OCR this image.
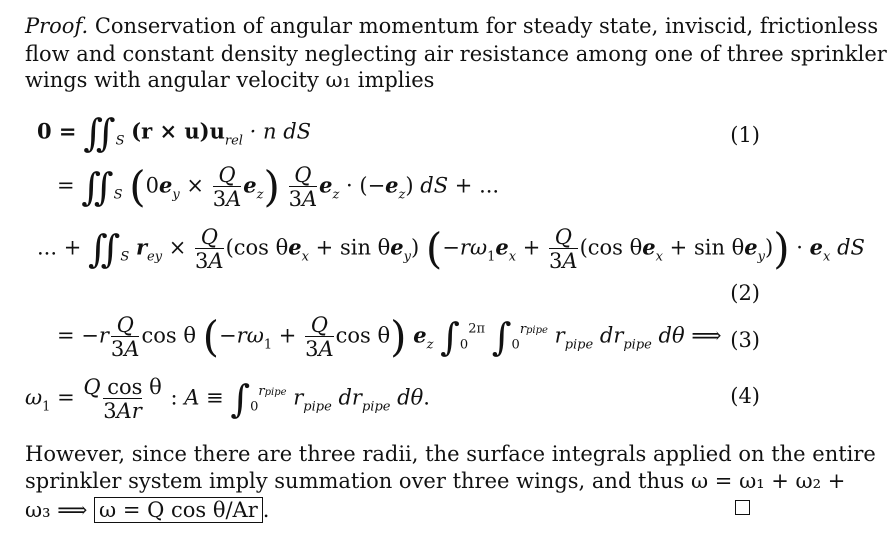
Proof. Conservation of angular momentum for steady state, inviscid, frictionless
flow and constant density neglecting air resistance among one of three sprinkler
wings with angular velocity ω₁ implies
$0 = ∬_S$ $(r \times u)u_{rel} \cdot n$ dS	(1)
= $∬_S$ $(0e_y \times \frac{Q}{3A} e_z) \frac{Q}{3A} e_z \cdot (-e_z)$ dS + ...
... + $∬_S$ $r_{ey} \times \frac{Q}{3A} (\cos$ $\theta e_x + \sin \theta e_y$) ($-r\omega_1e_x + \frac{Q}{3A} (\cos$ $\theta e_x + \sin \theta e_y)) \cdot e_x$ dS
(2)
= $-r \frac{Q}{3A}$ cos θ ($-r\omega_1 + \frac{Q}{3A}$ cos θ) $e_z$ $\int_0^{2\pi}$ $\int_0^{rpipe}$ $r_{pipe}$ $dr_{pipe}$ dθ ⟹ (3)
$\omega_1 = \frac{\text{Q cos θ}}{3Ar}$ : $A \equiv \int_0^{rpipe}$ $r_{pipe}$ $dr_{pipe}$ dθ.	(4)
However, since there are three radii, the surface integrals applied on the entire
sprinkler system imply summation over three wings, and thus ω = ω₁ + ω₂ +
ω₃ ⟹ ω = Q cos θ/Ar .
